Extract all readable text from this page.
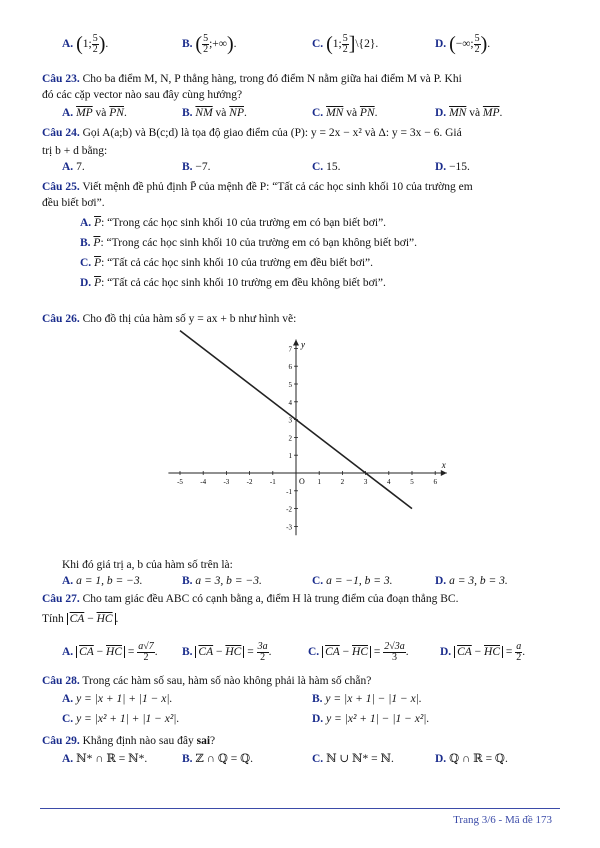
A. (1; $\frac{5}{2}$ ).	B. ( $\frac{5}{2}$ ;+∞).	C. (1; $\frac{5}{2}$ ]\{2}.	D. (−∞; $\frac{5}{2}$ ).
Câu 23. Cho ba điểm M, N, P thẳng hàng, trong đó điểm N nằm giữa hai điểm M và P. Khi
đó các cặp vector nào sau đây cùng hướng?
A. $\overline{MP}$ và $\overline{PN}$.	B. $\overline{NM}$ và $\overline{NP}$.	C. $\overline{MN}$ và $\overline{PN}$.	D. $\overline{MN}$ và $\overline{MP}$.
Câu 24. Gọi A(a;b) và B(c;d) là tọa độ giao điểm của (P): y = 2x − x² và Δ: y = 3x − 6. Giá
trị b + d bằng:
A. 7.	B. −7.	C. 15.	D. −15.
Câu 25. Viết mệnh đề phủ định P̄ của mệnh đề P: “Tất cả các học sinh khối 10 của trường em
đều biết bơi”.
A. $\overline{P}$: “Trong các học sinh khối 10 của trường em có bạn biết bơi”.
B. $\overline{P}$: “Trong các học sinh khối 10 của trường em có bạn không biết bơi”.
C. $\overline{P}$: “Tất cả các học sinh khối 10 của trường em đều biết bơi”.
D. $\overline{P}$: “Tất cả các học sinh khối 10 trường em đều không biết bơi”.
Câu 26. Cho đồ thị của hàm số y = ax + b như hình vẽ:
x
y
O
-5 -4 -3 -2 -1	1	2	3	4	5	6
-3
-2
-1
1
2
3
4
5
6
7
Khi đó giá trị a, b của hàm số trên là:
A. a = 1, b = −3.	B. a = 3, b = −3.	C. a = −1, b = 3.	D. a = 3, b = 3.
Câu 27. Cho tam giác đều ABC có cạnh bằng a, điểm H là trung điểm của đoạn thẳng BC.
Tính $\overline{CA} - \overline{HC}$ .
A. $\overline{CA} - \overline{HC} = \frac{a√7}{2}$ . B. $\overline{CA} - \overline{HC} = \frac{3a}{2}$ .	C. $\overline{CA} - \overline{HC} = \frac{2√3a}{3}$ .	D. $\overline{CA} - \overline{HC} = \frac{a}{2}$ .
Câu 28. Trong các hàm số sau, hàm số nào không phải là hàm số chẵn?
A. y = |x + 1| + |1 − x|.	B. y = |x + 1| − |1 − x|.
C. y = |x² + 1| + |1 − x²|.	D. y = |x² + 1| − |1 − x²|.
Câu 29. Khẳng định nào sau đây sai?
A. ℕ* ∩ ℝ = ℕ*.	B. ℤ ∩ ℚ = ℚ.	C. ℕ ∪ ℕ* = ℕ.	D. ℚ ∩ ℝ = ℚ.
Trang 3/6 - Mã đề 173
